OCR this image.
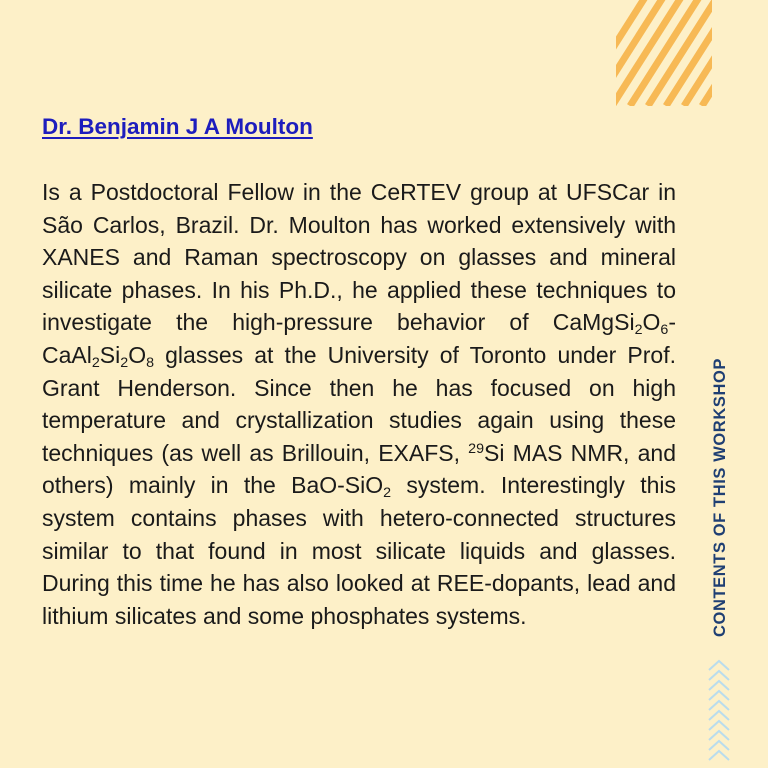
Dr. Benjamin J A Moulton

Is a Postdoctoral Fellow in the CeRTEV group at UFSCar in São Carlos, Brazil. Dr. Moulton has worked extensively with XANES and Raman spectroscopy on glasses and mineral silicate phases. In his Ph.D., he applied these techniques to investigate the high-pressure behavior of $CaMgSi_2O_6-CaAl_2Si_2O_8$ glasses at the University of Toronto under Prof. Grant Henderson. Since then he has focused on high temperature and crystallization studies again using these techniques (as well as Brillouin, EXAFS, $^{29}$Si MAS NMR, and others) mainly in the BaO-SiO$_2$ system. Interestingly this system contains phases with hetero-connected structures similar to that found in most silicate liquids and glasses. During this time he has also looked at REE-dopants, lead and lithium silicates and some phosphates systems.	CONTENTS OF THIS WORKSHOP
